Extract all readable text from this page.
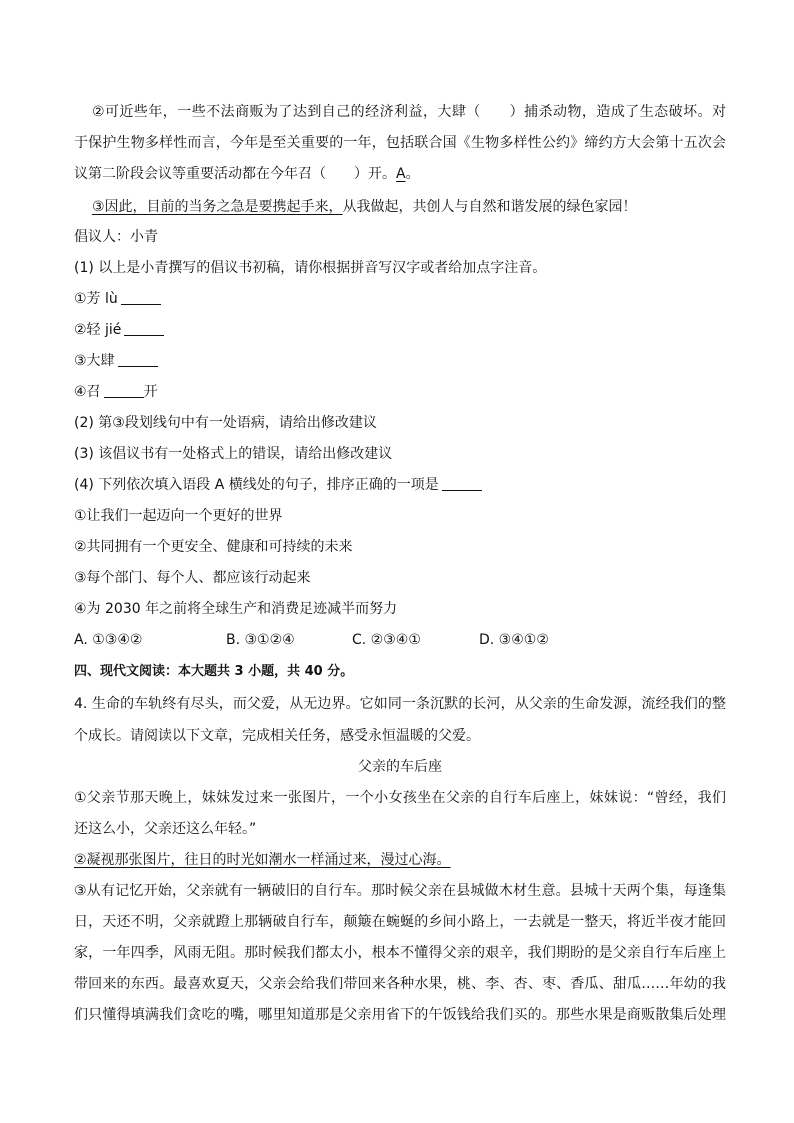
②可近些年，一些不法商贩为了达到自己的经济利益，大肆（　　）捕杀动物，造成了生态破坏。对
于保护生物多样性而言，今年是至关重要的一年，包括联合国《生物多样性公约》缔约方大会第十五次会
议第二阶段会议等重要活动都在今年召（　　）开。A。
③因此，目前的当务之急是要携起手来，从我做起，共创人与自然和谐发展的绿色家园！
倡议人：小青
(1) 以上是小青撰写的倡议书初稿，请你根据拼音写汉字或者给加点字注音。
①芳 lù
②轻 jié
③大肆
④召	开
(2) 第③段划线句中有一处语病，请给出修改建议
(3) 该倡议书有一处格式上的错误，请给出修改建议
(4) 下列依次填入语段 A 横线处的句子，排序正确的一项是
①让我们一起迈向一个更好的世界
②共同拥有一个更安全、健康和可持续的未来
③每个部门、每个人、都应该行动起来
④为 2030 年之前将全球生产和消费足迹减半而努力
A. ①③④②	B. ③①②④	C. ②③④①	D. ③④①②
四、现代文阅读：本大题共 3 小题，共 40 分。
4. 生命的车轨终有尽头，而父爱，从无边界。它如同一条沉默的长河，从父亲的生命发源，流经我们的整
个成长。请阅读以下文章，完成相关任务，感受永恒温暖的父爱。
父亲的车后座
①父亲节那天晚上，妹妹发过来一张图片，一个小女孩坐在父亲的自行车后座上，妹妹说：“曾经，我们
还这么小，父亲还这么年轻。”
②凝视那张图片，往日的时光如潮水一样涌过来，漫过心海。
③从有记忆开始，父亲就有一辆破旧的自行车。那时候父亲在县城做木材生意。县城十天两个集，每逢集
日，天还不明，父亲就蹬上那辆破自行车，颠簸在蜿蜒的乡间小路上，一去就是一整天，将近半夜才能回
家，一年四季，风雨无阻。那时候我们都太小，根本不懂得父亲的艰辛，我们期盼的是父亲自行车后座上
带回来的东西。最喜欢夏天，父亲会给我们带回来各种水果，桃、李、杏、枣、香瓜、甜瓜……年幼的我
们只懂得填满我们贪吃的嘴，哪里知道那是父亲用省下的午饭钱给我们买的。那些水果是商贩散集后处理
